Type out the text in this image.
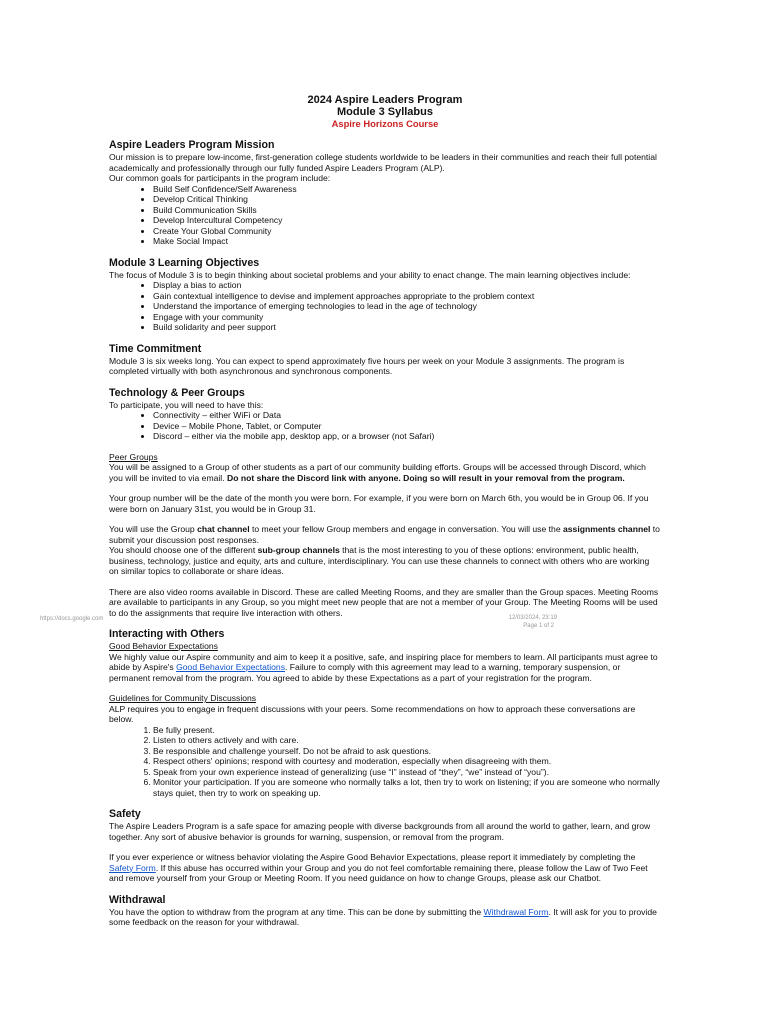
2024 Aspire Leaders Program
Module 3 Syllabus
Aspire Horizons Course
Aspire Leaders Program Mission

Our mission is to prepare low-income, first-generation college students worldwide to be leaders in their communities and reach their full potential academically and professionally through our fully funded Aspire Leaders Program (ALP).

Our common goals for participants in the program include:

• Build Self Confidence/Self Awareness
• Develop Critical Thinking
• Build Communication Skills
• Develop Intercultural Competency
• Create Your Global Community
• Make Social Impact
Module 3 Learning Objectives

The focus of Module 3 is to begin thinking about societal problems and your ability to enact change. The main learning objectives include:

• Display a bias to action
• Gain contextual intelligence to devise and implement approaches appropriate to the problem context
• Understand the importance of emerging technologies to lead in the age of technology
• Engage with your community
• Build solidarity and peer support
Time Commitment

Module 3 is six weeks long. You can expect to spend approximately five hours per week on your Module 3 assignments. The program is completed virtually with both asynchronous and synchronous components.

Technology & Peer Groups

To participate, you will need to have this:

• Connectivity – either WiFi or Data
• Device – Mobile Phone, Tablet, or Computer
• Discord – either via the mobile app, desktop app, or a browser (not Safari)

Peer Groups

You will be assigned to a Group of other students as a part of our community building efforts. Groups will be accessed through Discord, which you will be invited to via email. Do not share the Discord link with anyone. Doing so will result in your removal from the program.

Your group number will be the date of the month you were born. For example, if you were born on March 6th, you would be in Group 06. If you were born on January 31st, you would be in Group 31.

You will use the Group chat channel to meet your fellow Group members and engage in conversation. You will use the assignments channel to submit your discussion post responses.

You should choose one of the different sub-group channels that is the most interesting to you of these options: environment, public health, business, technology, justice and equity, arts and culture, interdisciplinary. You can use these channels to connect with others who are working on similar topics to collaborate or share ideas.

There are also video rooms available in Discord. These are called Meeting Rooms, and they are smaller than the Group spaces. Meeting Rooms are available to participants in any Group, so you might meet new people that are not a member of your Group. The Meeting Rooms will be used to do the assignments that require live interaction with others.

Interacting with Others

Good Behavior Expectations

We highly value our Aspire community and aim to keep it a positive, safe, and inspiring place for members to learn. All participants must agree to abide by Aspire's Good Behavior Expectations. Failure to comply with this agreement may lead to a warning, temporary suspension, or permanent removal from the program. You agreed to abide by these Expectations as a part of your registration for the program.

Guidelines for Community Discussions

ALP requires you to engage in frequent discussions with your peers. Some recommendations on how to approach these conversations are below.

1. Be fully present.
2. Listen to others actively and with care.
3. Be responsible and challenge yourself. Do not be afraid to ask questions.
4. Respect others' opinions; respond with courtesy and moderation, especially when disagreeing with them.
5. Speak from your own experience instead of generalizing (use “I” instead of “they”, “we” instead of “you”).
6. Monitor your participation. If you are someone who normally talks a lot, then try to work on listening; if you are someone who normally stays quiet, then try to work on speaking up.
Safety

The Aspire Leaders Program is a safe space for amazing people with diverse backgrounds from all around the world to gather, learn, and grow together. Any sort of abusive behavior is grounds for warning, suspension, or removal from the program.

If you ever experience or witness behavior violating the Aspire Good Behavior Expectations, please report it immediately by completing the Safety Form. If this abuse has occurred within your Group and you do not feel comfortable remaining there, please follow the Law of Two Feet and remove yourself from your Group or Meeting Room. If you need guidance on how to change Groups, please ask our Chatbot.

Withdrawal

You have the option to withdraw from the program at any time. This can be done by submitting the Withdrawal Form. It will ask for you to provide some feedback on the reason for your withdrawal.

https://docs.google.com	12/03/2024, 23:19
Page 1 of 2
